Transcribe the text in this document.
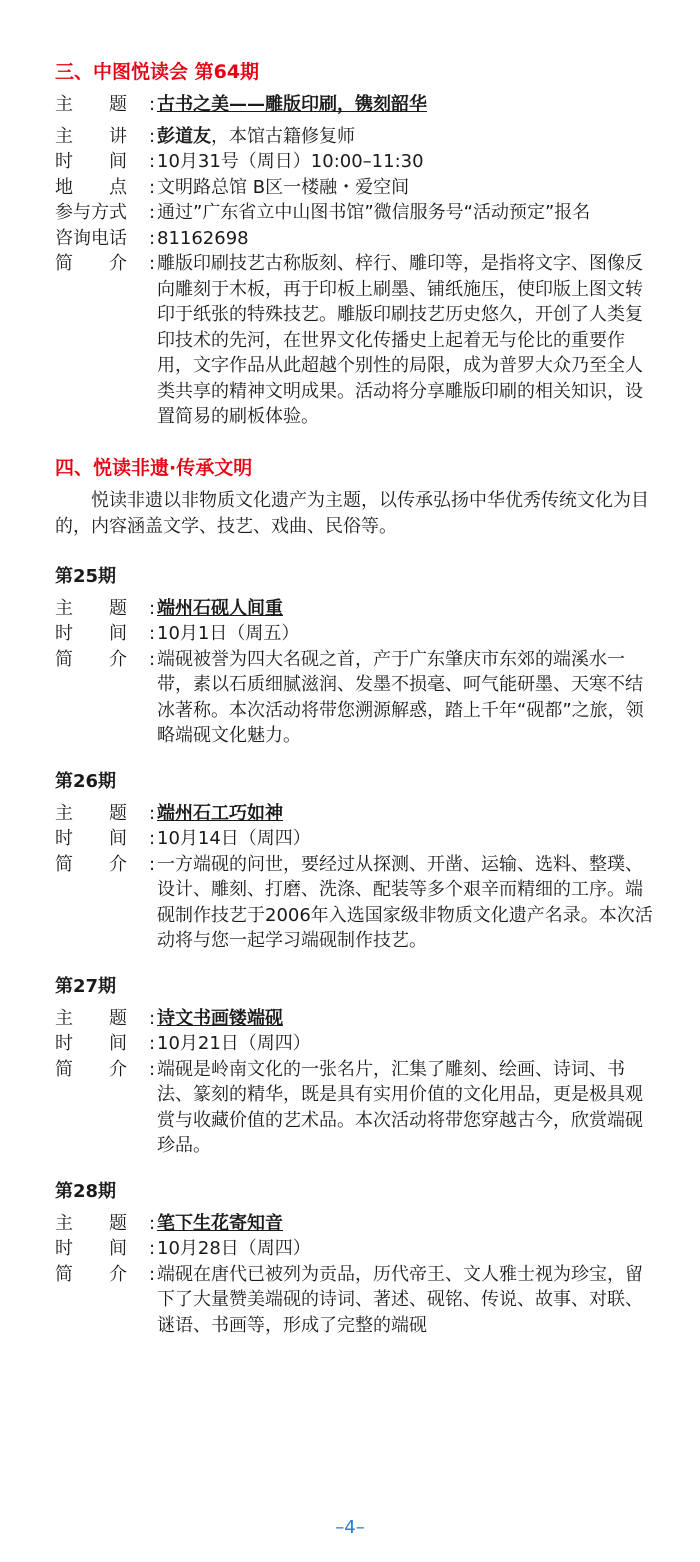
三、中图悦读会 第64期
主　　题 : 古书之美——雕版印刷，镌刻韶华
主　　讲 : 彭道友，本馆古籍修复师
时　　间 : 10月31号（周日）10:00–11:30
地　　点 : 文明路总馆 B区一楼融・爱空间
参与方式 : 通过”广东省立中山图书馆”微信服务号“活动预定”报名
咨询电话 : 81162698
简　　介 : 雕版印刷技艺古称版刻、梓行、雕印等，是指将文字、图像反向雕刻于木板，再于印板上刷墨、铺纸施压，使印版上图文转印于纸张的特殊技艺。雕版印刷技艺历史悠久，开创了人类复印技术的先河，在世界文化传播史上起着无与伦比的重要作用，文字作品从此超越个别性的局限，成为普罗大众乃至全人类共享的精神文明成果。活动将分享雕版印刷的相关知识，设置简易的刷板体验。
四、悦读非遗·传承文明

悦读非遗以非物质文化遗产为主题，以传承弘扬中华优秀传统文化为目的，内容涵盖文学、技艺、戏曲、民俗等。

第25期
主　　题 : 端州石砚人间重
时　　间 : 10月1日（周五）
简　　介 : 端砚被誉为四大名砚之首，产于广东肇庆市东郊的端溪水一带，素以石质细腻滋润、发墨不损毫、呵气能研墨、天寒不结冰著称。本次活动将带您溯源解惑，踏上千年“砚都”之旅，领略端砚文化魅力。
第26期
主　　题 : 端州石工巧如神
时　　间 : 10月14日（周四）
简　　介 : 一方端砚的问世，要经过从探测、开凿、运输、选料、整璞、设计、雕刻、打磨、洗涤、配装等多个艰辛而精细的工序。端砚制作技艺于2006年入选国家级非物质文化遗产名录。本次活动将与您一起学习端砚制作技艺。
第27期
主　　题 : 诗文书画镂端砚
时　　间 : 10月21日（周四）
简　　介 : 端砚是岭南文化的一张名片，汇集了雕刻、绘画、诗词、书法、篆刻的精华，既是具有实用价值的文化用品，更是极具观赏与收藏价值的艺术品。本次活动将带您穿越古今，欣赏端砚珍品。
第28期
主　　题 : 笔下生花寄知音
时　　间 : 10月28日（周四）
简　　介 : 端砚在唐代已被列为贡品，历代帝王、文人雅士视为珍宝，留下了大量赞美端砚的诗词、著述、砚铭、传说、故事、对联、谜语、书画等，形成了完整的端砚
–4–
